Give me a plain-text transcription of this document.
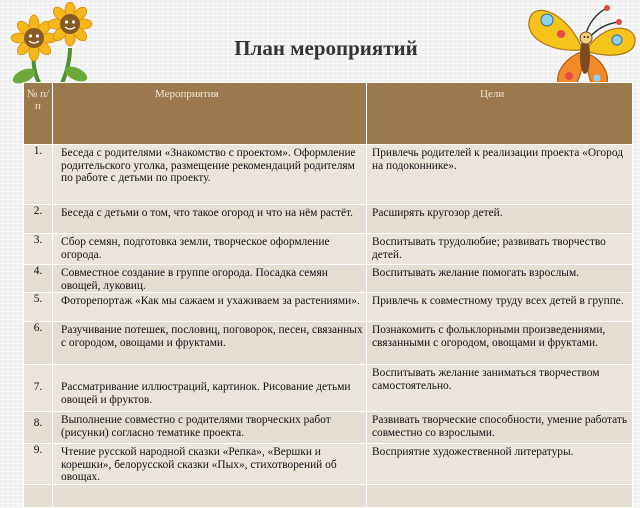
План мероприятий
№ п/п	Мероприятия	Цели
1.	Беседа с родителями «Знакомство с проектом». Оформление родительского уголка, размещение рекомендаций родителям по работе с детьми по проекту.	Привлечь родителей к реализации проекта «Огород на подоконнике».
2.	Беседа с детьми о том, что такое огород и что на нём растёт.	Расширять кругозор детей.
3.	Сбор семян, подготовка земли, творческое оформление огорода.	Воспитывать трудолюбие; развивать творчество детей.
4.	Совместное создание в группе огорода. Посадка семян овощей, луковиц.	Воспитывать желание помогать взрослым.
5.	Фоторепортаж «Как мы сажаем и ухаживаем за растениями».	Привлечь к совместному труду всех детей в группе.
6.	Разучивание потешек, пословиц, поговорок, песен, связанных с огородом, овощами и фруктами.	Познакомить с фольклорными произведениями, связанными с огородом, овощами и фруктами.
7.	Рассматривание иллюстраций, картинок. Рисование детьми овощей и фруктов.	Воспитывать желание заниматься творчеством самостоятельно.
8.	Выполнение совместно с родителями творческих работ (рисунки) согласно тематике проекта.	Развивать творческие способности, умение работать совместно со взрослыми.
9.	Чтение русской народной сказки «Репка», «Вершки и корешки», белорусской сказки «Пых», стихотворений об овощах.	Восприятие художественной литературы.
